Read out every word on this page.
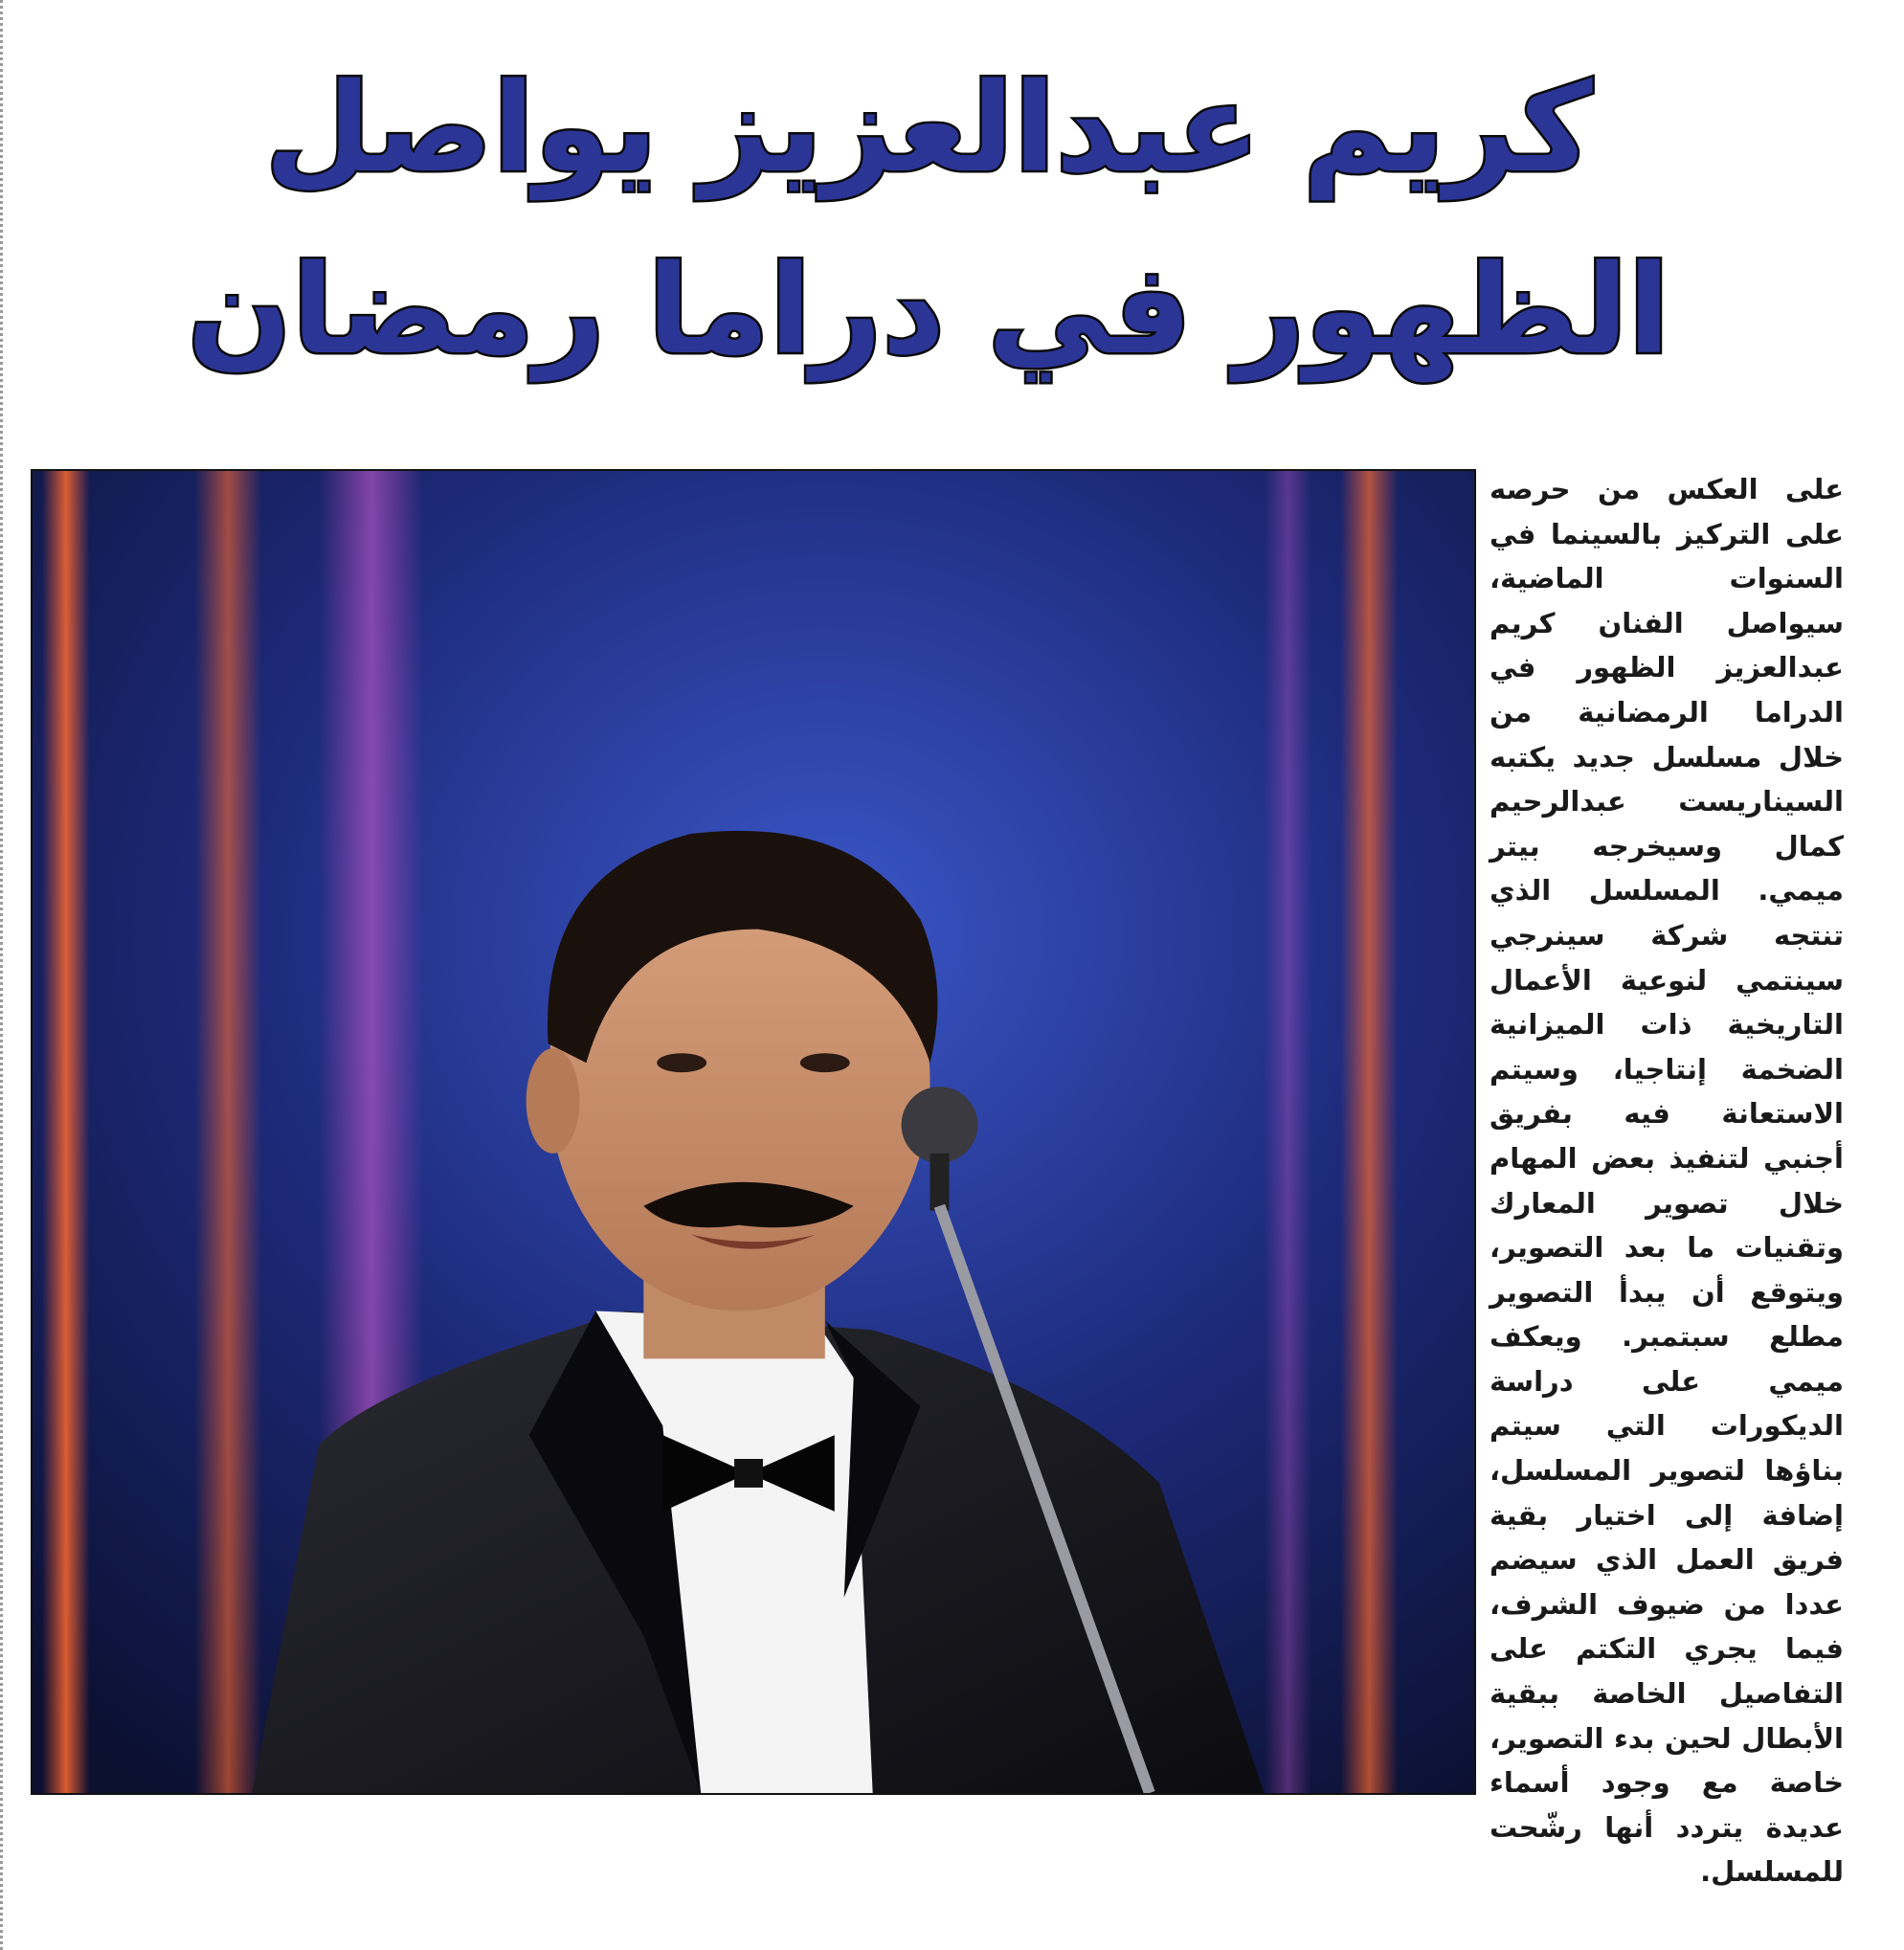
كريم عبدالعزيز يواصل
الظهور في دراما رمضان

على العكس من حرصه على التركيز بالسينما في السنوات الماضية، سيواصل الفنان كريم عبدالعزيز الظهور في الدراما الرمضانية من خلال مسلسل جديد يكتبه السيناريست عبدالرحيم كمال وسيخرجه بيتر ميمي. المسلسل الذي تنتجه شركة سينرجي سينتمي لنوعية الأعمال التاريخية ذات الميزانية الضخمة إنتاجيا، وسيتم الاستعانة فيه بفريق أجنبي لتنفيذ بعض المهام خلال تصوير المعارك وتقنيات ما بعد التصوير، ويتوقع أن يبدأ التصوير مطلع سبتمبر. ويعكف ميمي على دراسة الديكورات التي سيتم بناؤها لتصوير المسلسل، إضافة إلى اختيار بقية فريق العمل الذي سيضم عددا من ضيوف الشرف، فيما يجري التكتم على التفاصيل الخاصة ببقية الأبطال لحين بدء التصوير، خاصة مع وجود أسماء عديدة يتردد أنها رشّحت للمسلسل.
